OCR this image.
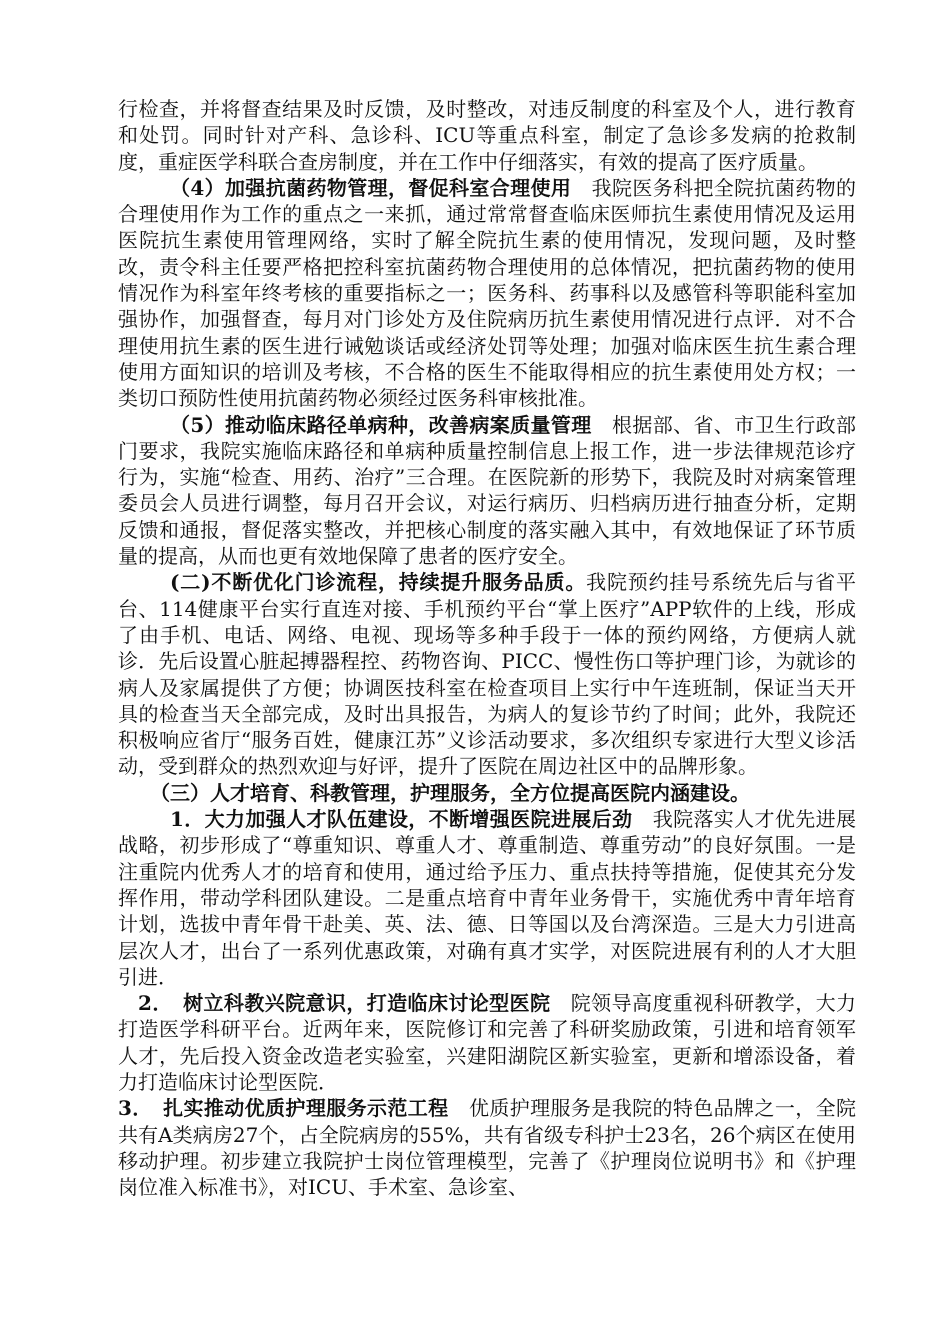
行检查，并将督查结果及时反馈，及时整改，对违反制度的科室及个人，进行教育和处罚。同时针对产科、急诊科、ICU等重点科室，制定了急诊多发病的抢救制度，重症医学科联合查房制度，并在工作中仔细落实，有效的提高了医疗质量。

（4）加强抗菌药物管理，督促科室合理使用　我院医务科把全院抗菌药物的合理使用作为工作的重点之一来抓，通过常常督查临床医师抗生素使用情况及运用医院抗生素使用管理网络，实时了解全院抗生素的使用情况，发现问题，及时整改，责令科主任要严格把控科室抗菌药物合理使用的总体情况，把抗菌药物的使用情况作为科室年终考核的重要指标之一；医务科、药事科以及感管科等职能科室加强协作，加强督查，每月对门诊处方及住院病历抗生素使用情况进行点评．对不合理使用抗生素的医生进行诫勉谈话或经济处罚等处理；加强对临床医生抗生素合理使用方面知识的培训及考核，不合格的医生不能取得相应的抗生素使用处方权；一类切口预防性使用抗菌药物必须经过医务科审核批准。

（5）推动临床路径单病种，改善病案质量管理　根据部、省、市卫生行政部门要求，我院实施临床路径和单病种质量控制信息上报工作，进一步法律规范诊疗行为，实施“检查、用药、治疗”三合理。在医院新的形势下，我院及时对病案管理委员会人员进行调整，每月召开会议，对运行病历、归档病历进行抽查分析，定期反馈和通报，督促落实整改，并把核心制度的落实融入其中，有效地保证了环节质量的提高，从而也更有效地保障了患者的医疗安全。

(二)不断优化门诊流程，持续提升服务品质。我院预约挂号系统先后与省平台、114健康平台实行直连对接、手机预约平台“掌上医疗”APP软件的上线，形成了由手机、电话、网络、电视、现场等多种手段于一体的预约网络，方便病人就诊．先后设置心脏起搏器程控、药物咨询、PICC、慢性伤口等护理门诊，为就诊的病人及家属提供了方便；协调医技科室在检查项目上实行中午连班制，保证当天开具的检查当天全部完成，及时出具报告，为病人的复诊节约了时间；此外，我院还积极响应省厅“服务百姓，健康江苏”义诊活动要求，多次组织专家进行大型义诊活动，受到群众的热烈欢迎与好评，提升了医院在周边社区中的品牌形象。

（三）人才培育、科教管理，护理服务，全方位提高医院内涵建设。

1．大力加强人才队伍建设，不断增强医院进展后劲　我院落实人才优先进展战略，初步形成了“尊重知识、尊重人才、尊重制造、尊重劳动”的良好氛围。一是注重院内优秀人才的培育和使用，通过给予压力、重点扶持等措施，促使其充分发挥作用，带动学科团队建设。二是重点培育中青年业务骨干，实施优秀中青年培育计划，选拔中青年骨干赴美、英、法、德、日等国以及台湾深造。三是大力引进高层次人才，出台了一系列优惠政策，对确有真才实学，对医院进展有利的人才大胆引进．

2．　树立科教兴院意识，打造临床讨论型医院　院领导高度重视科研教学，大力打造医学科研平台。近两年来，医院修订和完善了科研奖励政策，引进和培育领军人才，先后投入资金改造老实验室，兴建阳湖院区新实验室，更新和增添设备，着力打造临床讨论型医院．

3．　扎实推动优质护理服务示范工程　优质护理服务是我院的特色品牌之一，全院共有A类病房27个，占全院病房的55%，共有省级专科护士23名，26个病区在使用移动护理。初步建立我院护士岗位管理模型，完善了《护理岗位说明书》和《护理岗位准入标准书》，对ICU、手术室、急诊室、
